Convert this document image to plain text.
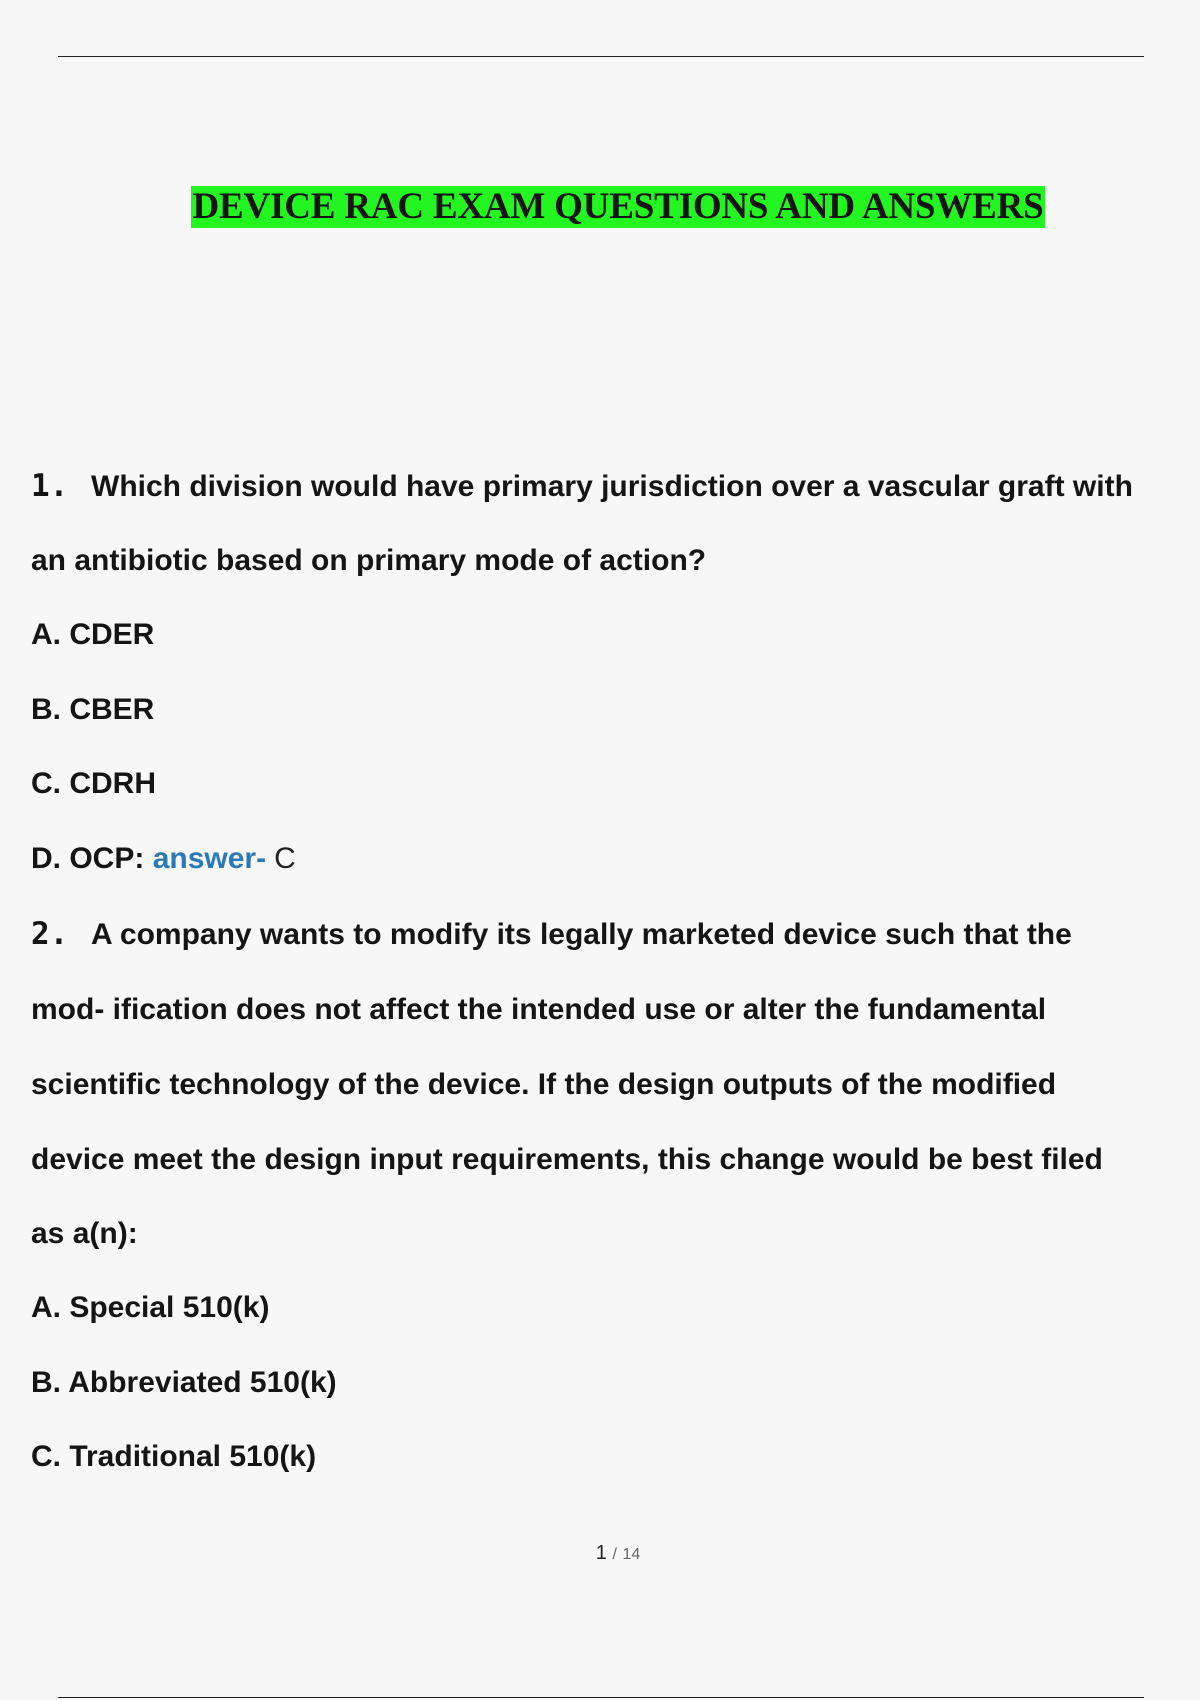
DEVICE RAC EXAM QUESTIONS AND ANSWERS
1. Which division would have primary jurisdiction over a vascular graft with
an antibiotic based on primary mode of action?
A. CDER
B. CBER
C. CDRH
D. OCP: answer- C
2. A company wants to modify its legally marketed device such that the
mod- ification does not affect the intended use or alter the fundamental
scientific technology of the device. If the design outputs of the modified
device meet the design input requirements, this change would be best filed
as a(n):
A. Special 510(k)
B. Abbreviated 510(k)
C. Traditional 510(k)
1 / 14
